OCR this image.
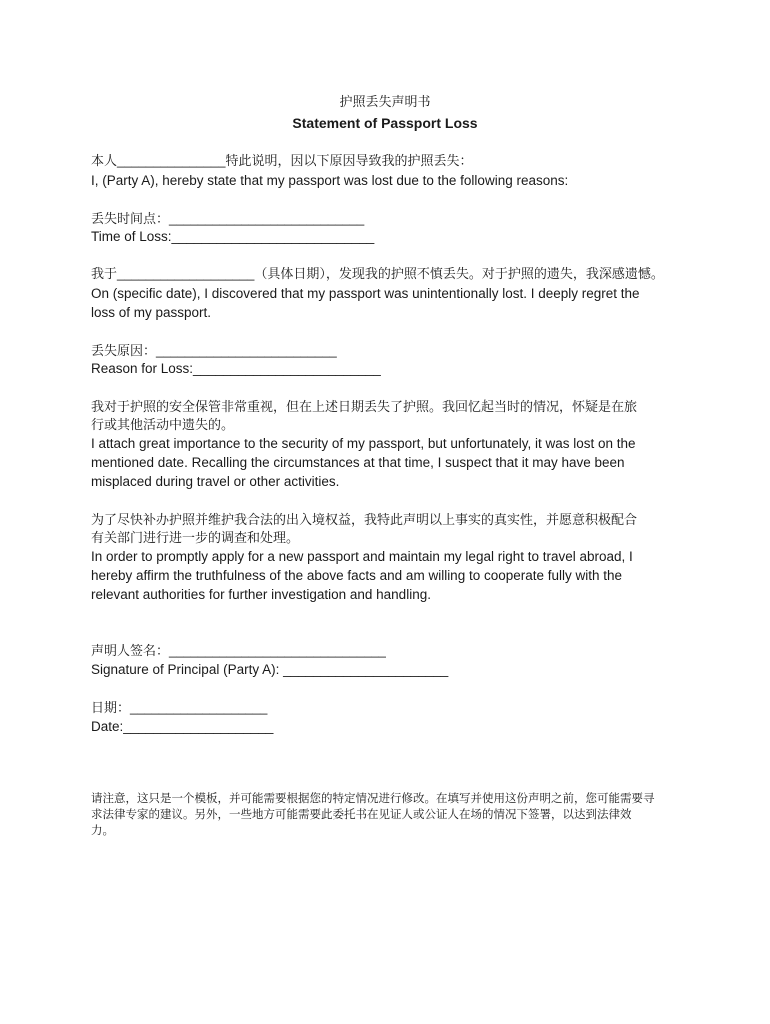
护照丢失声明书
Statement of Passport Loss
本人_______________特此说明，因以下原因导致我的护照丢失：
I, (Party A), hereby state that my passport was lost due to the following reasons:
丢失时间点：___________________________
Time of Loss:___________________________
我于___________________（具体日期），发现我的护照不慎丢失。对于护照的遗失，我深感遗憾。
On (specific date), I discovered that my passport was unintentionally lost. I deeply regret the
loss of my passport.
丢失原因：_________________________
Reason for Loss:_________________________
我对于护照的安全保管非常重视，但在上述日期丢失了护照。我回忆起当时的情况，怀疑是在旅
行或其他活动中遗失的。
I attach great importance to the security of my passport, but unfortunately, it was lost on the
mentioned date. Recalling the circumstances at that time, I suspect that it may have been
misplaced during travel or other activities.
为了尽快补办护照并维护我合法的出入境权益，我特此声明以上事实的真实性，并愿意积极配合
有关部门进行进一步的调查和处理。
In order to promptly apply for a new passport and maintain my legal right to travel abroad, I
hereby affirm the truthfulness of the above facts and am willing to cooperate fully with the
relevant authorities for further investigation and handling.
声明人签名：______________________________
Signature of Principal (Party A): ______________________
日期：___________________
Date:____________________
请注意，这只是一个模板，并可能需要根据您的特定情况进行修改。在填写并使用这份声明之前，您可能需要寻
求法律专家的建议。另外，一些地方可能需要此委托书在见证人或公证人在场的情况下签署，以达到法律效
力。
